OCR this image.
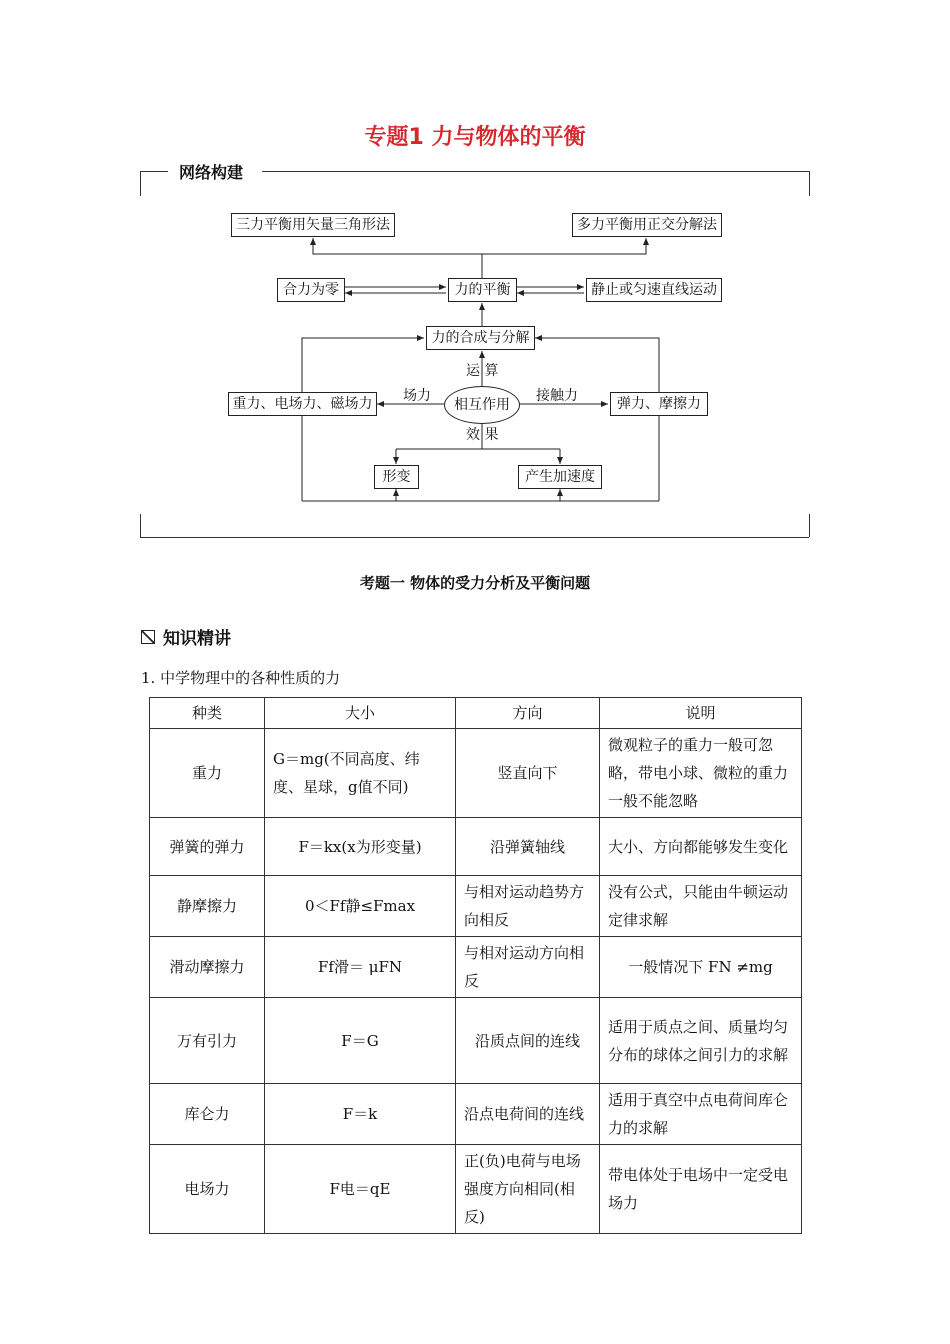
专题1 力与物体的平衡
网络构建
三力平衡用矢量三角形法	多力平衡用正交分解法
合力为零	力的平衡	静止或匀速直线运动
力的合成与分解
重力、电场力、磁场力	相互作用	弹力、摩擦力
形变	产生加速度
运 算
场力	接触力
效 果
考题一 物体的受力分析及平衡问题
知识精讲
1. 中学物理中的各种性质的力
种类	大小	方向	说明
重力	G＝mg(不同高度、纬度、星球，g值不同)	竖直向下	微观粒子的重力一般可忽略，带电小球、微粒的重力一般不能忽略
弹簧的弹力	F＝kx(x为形变量)	沿弹簧轴线	大小、方向都能够发生变化
静摩擦力	0＜Ff静≤Fmax	与相对运动趋势方向相反	没有公式，只能由牛顿运动定律求解
滑动摩擦力	Ff滑＝ μFN	与相对运动方向相反	一般情况下 FN ≠mg
万有引力	F＝G	沿质点间的连线	适用于质点之间、质量均匀分布的球体之间引力的求解
库仑力	F＝k	沿点电荷间的连线	适用于真空中点电荷间库仑力的求解
电场力	F电＝qE	正(负)电荷与电场强度方向相同(相反)	带电体处于电场中一定受电场力
